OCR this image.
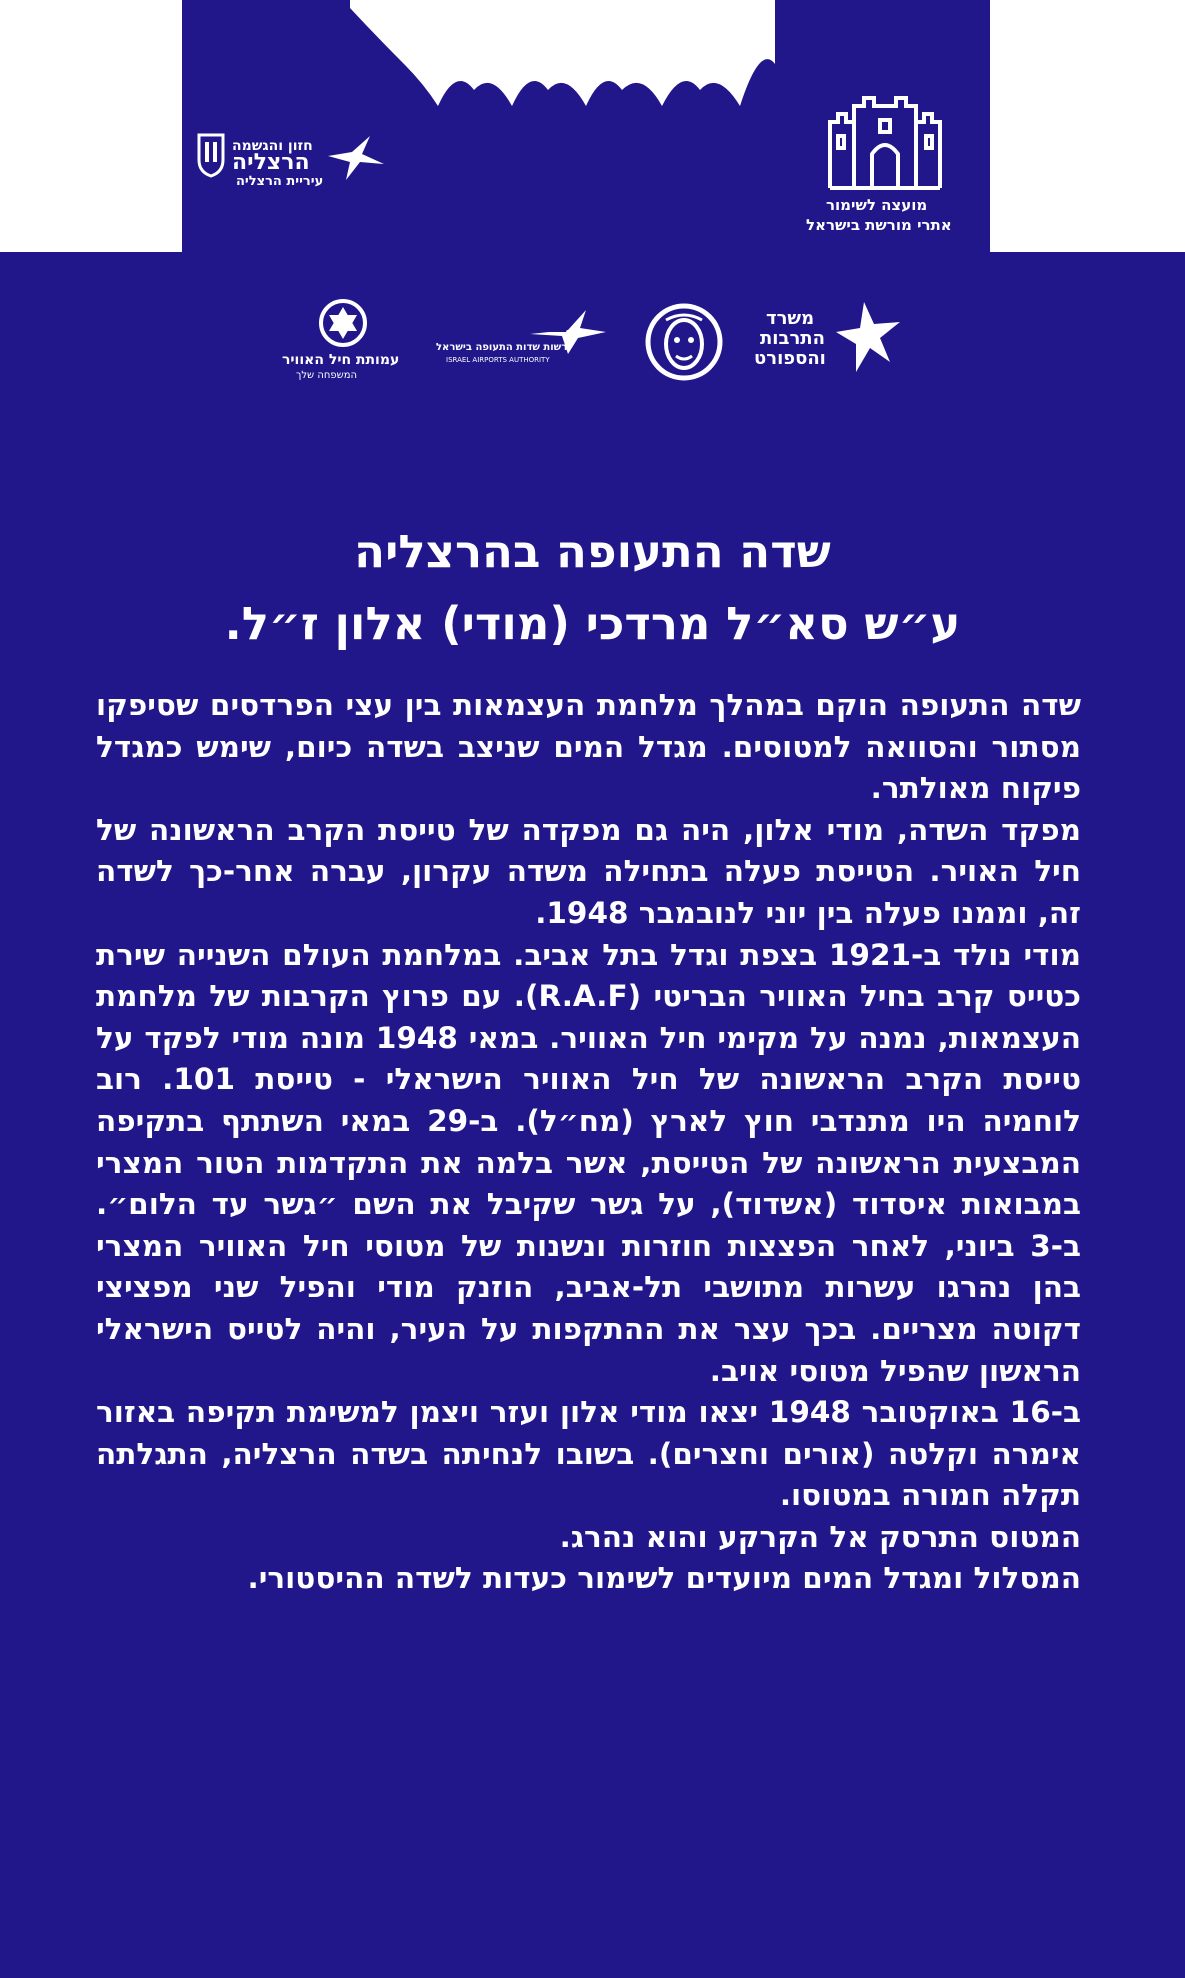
חזון והגשמה
הרצליה
עיריית הרצליה
מועצה לשימור
אתרי מורשת בישראל
עמותת חיל האוויר
המשפחה שלך
רשות שדות התעופה בישראל
ISRAEL AIRPORTS AUTHORITY
משרד
התרבות
והספורט
שדה התעופה בהרצליה
ע״ש סא״ל מרדכי (מודי) אלון ז״ל.

שדה התעופה הוקם במהלך מלחמת העצמאות בין עצי הפרדסים שסיפקו מסתור והסוואה למטוסים. מגדל המים שניצב בשדה כיום, שימש כמגדל פיקוח מאולתר.

מפקד השדה, מודי אלון, היה גם מפקדה של טייסת הקרב הראשונה של חיל האויר. הטייסת פעלה בתחילה משדה עקרון, עברה אחר-כך לשדה זה, וממנו פעלה בין יוני לנובמבר 1948.

מודי נולד ב-1921 בצפת וגדל בתל אביב. במלחמת העולם השנייה שירת כטייס קרב בחיל האוויר הבריטי (R.A.F). עם פרוץ הקרבות של מלחמת העצמאות, נמנה על מקימי חיל האוויר. במאי 1948 מונה מודי לפקד על טייסת הקרב הראשונה של חיל האוויר הישראלי - טייסת 101. רוב לוחמיה היו מתנדבי חוץ לארץ (מח״ל). ב-29 במאי השתתף בתקיפה המבצעית הראשונה של הטייסת, אשר בלמה את התקדמות הטור המצרי במבואות איסדוד (אשדוד), על גשר שקיבל את השם ״גשר עד הלום״. ב-3 ביוני, לאחר הפצצות חוזרות ונשנות של מטוסי חיל האוויר המצרי בהן נהרגו עשרות מתושבי תל-אביב, הוזנק מודי והפיל שני מפציצי דקוטה מצריים. בכך עצר את ההתקפות על העיר, והיה לטייס הישראלי הראשון שהפיל מטוסי אויב.

ב-16 באוקטובר 1948 יצאו מודי אלון ועזר ויצמן למשימת תקיפה באזור אימרה וקלטה (אורים וחצרים). בשובו לנחיתה בשדה הרצליה, התגלתה תקלה חמורה במטוסו.

המטוס התרסק אל הקרקע והוא נהרג.

המסלול ומגדל המים מיועדים לשימור כעדות לשדה ההיסטורי.
